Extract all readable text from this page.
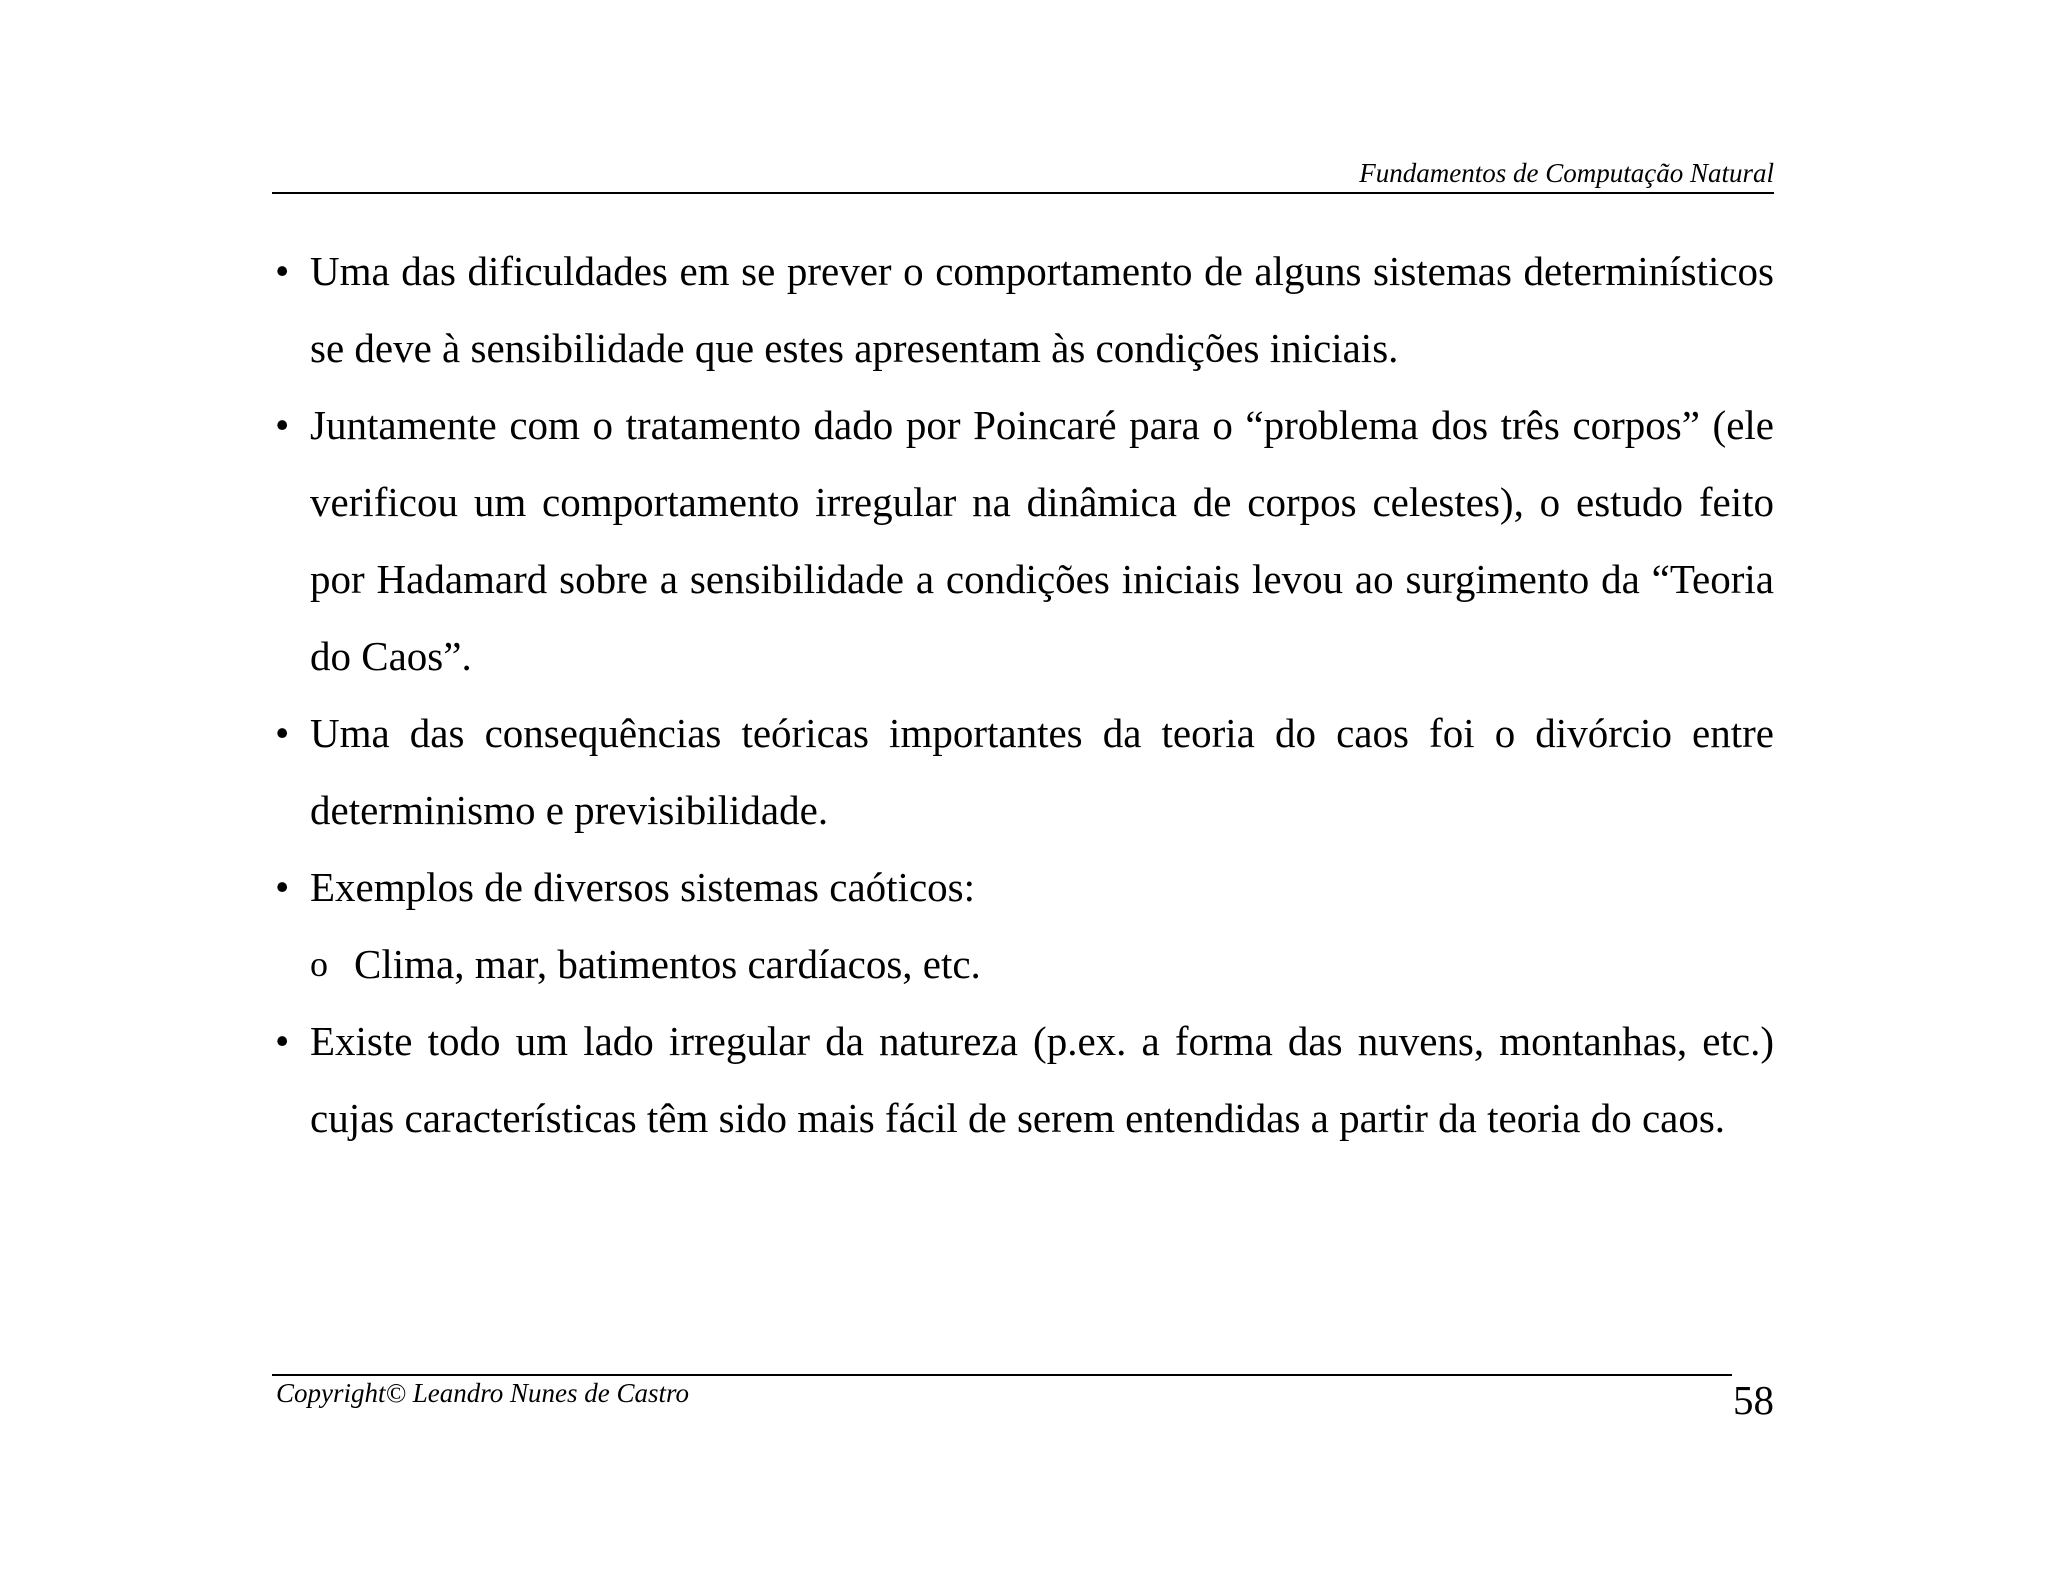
Fundamentos de Computação Natural
• Uma das dificuldades em se prever o comportamento de alguns sistemas determinísticos se deve à sensibilidade que estes apresentam às condições iniciais.
• Juntamente com o tratamento dado por Poincaré para o “problema dos três corpos” (ele verificou um comportamento irregular na dinâmica de corpos celestes), o estudo feito por Hadamard sobre a sensibilidade a condições iniciais levou ao surgimento da “Teoria do Caos”.
• Uma das consequências teóricas importantes da teoria do caos foi o divórcio entre determinismo e previsibilidade.
• Exemplos de diversos sistemas caóticos:
o Clima, mar, batimentos cardíacos, etc.
• Existe todo um lado irregular da natureza (p.ex. a forma das nuvens, montanhas, etc.) cujas características têm sido mais fácil de serem entendidas a partir da teoria do caos.
Copyright© Leandro Nunes de Castro	58
